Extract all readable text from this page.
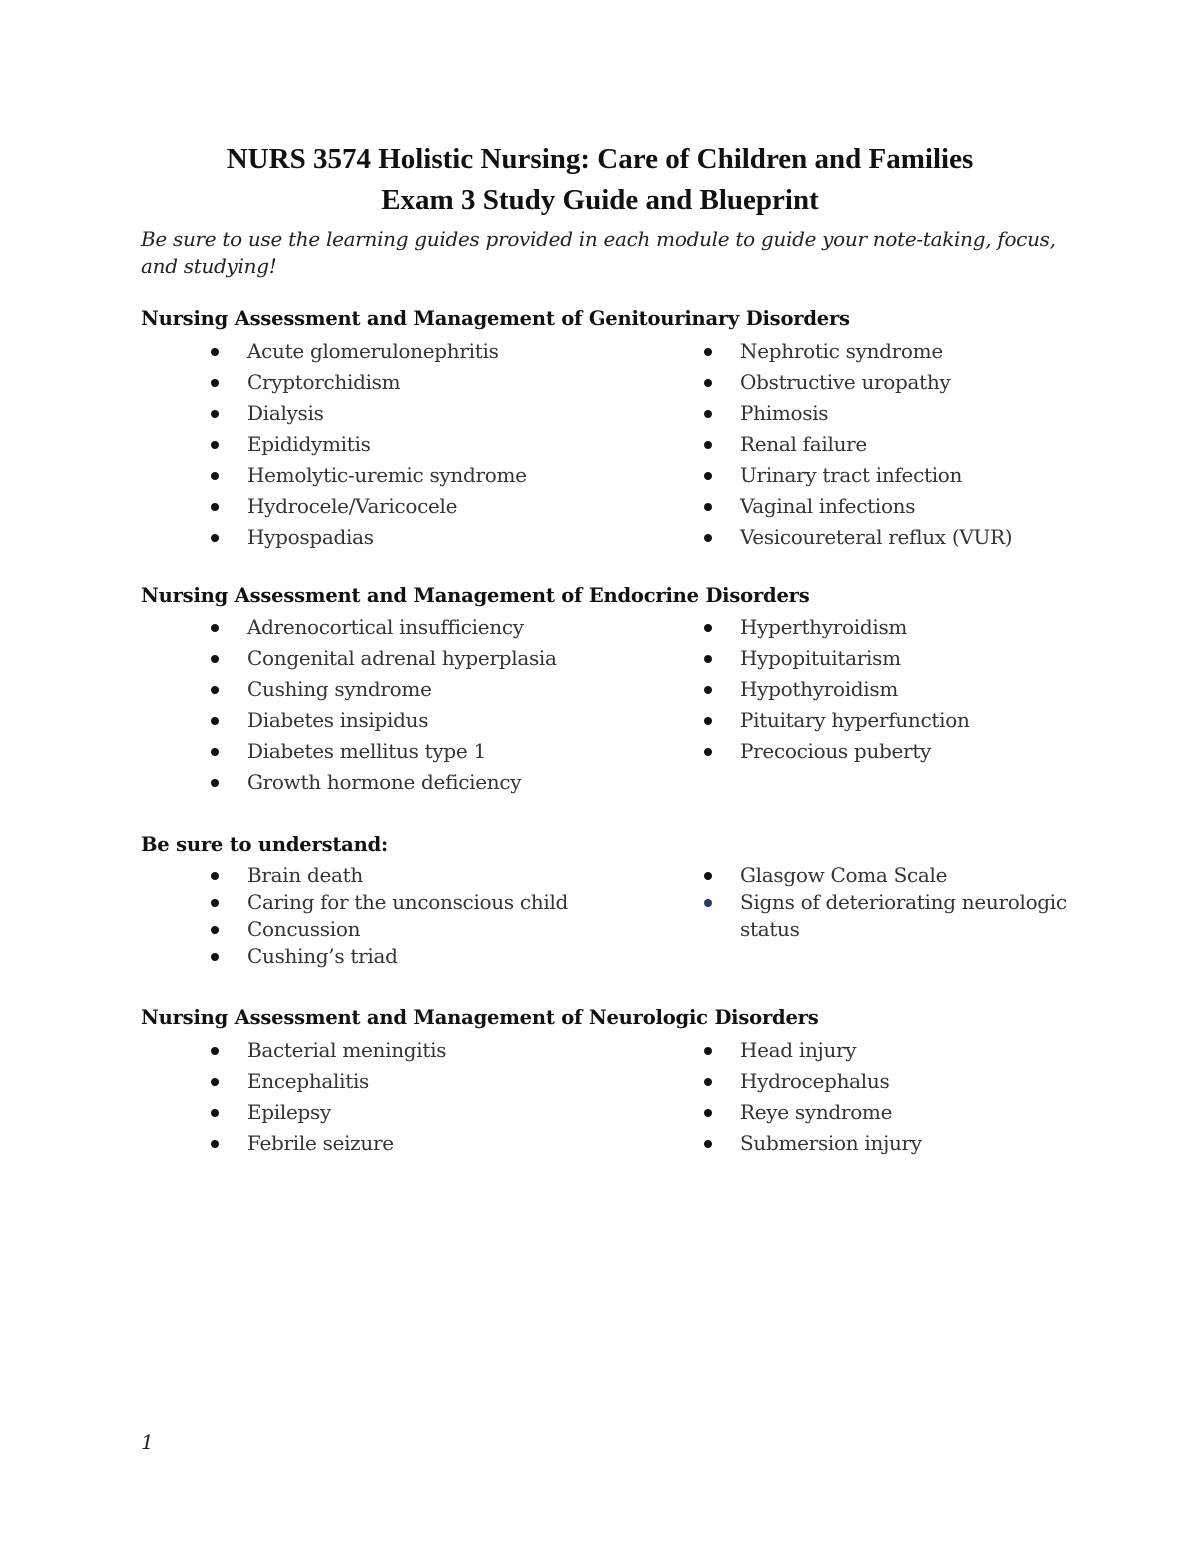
NURS 3574 Holistic Nursing: Care of Children and Families
Exam 3 Study Guide and Blueprint
Be sure to use the learning guides provided in each module to guide your note-taking, focus, and studying!
Nursing Assessment and Management of Genitourinary Disorders
Acute glomerulonephritis
Cryptorchidism
Dialysis
Epididymitis
Hemolytic-uremic syndrome
Hydrocele/Varicocele
Hypospadias
Nephrotic syndrome
Obstructive uropathy
Phimosis
Renal failure
Urinary tract infection
Vaginal infections
Vesicoureteral reflux (VUR)
Nursing Assessment and Management of Endocrine Disorders
Adrenocortical insufficiency
Congenital adrenal hyperplasia
Cushing syndrome
Diabetes insipidus
Diabetes mellitus type 1
Growth hormone deficiency
Hyperthyroidism
Hypopituitarism
Hypothyroidism
Pituitary hyperfunction
Precocious puberty
Be sure to understand:
Brain death
Caring for the unconscious child
Concussion
Cushing’s triad
Glasgow Coma Scale
Signs of deteriorating neurologic status
Nursing Assessment and Management of Neurologic Disorders
Bacterial meningitis
Encephalitis
Epilepsy
Febrile seizure
Head injury
Hydrocephalus
Reye syndrome
Submersion injury
1
